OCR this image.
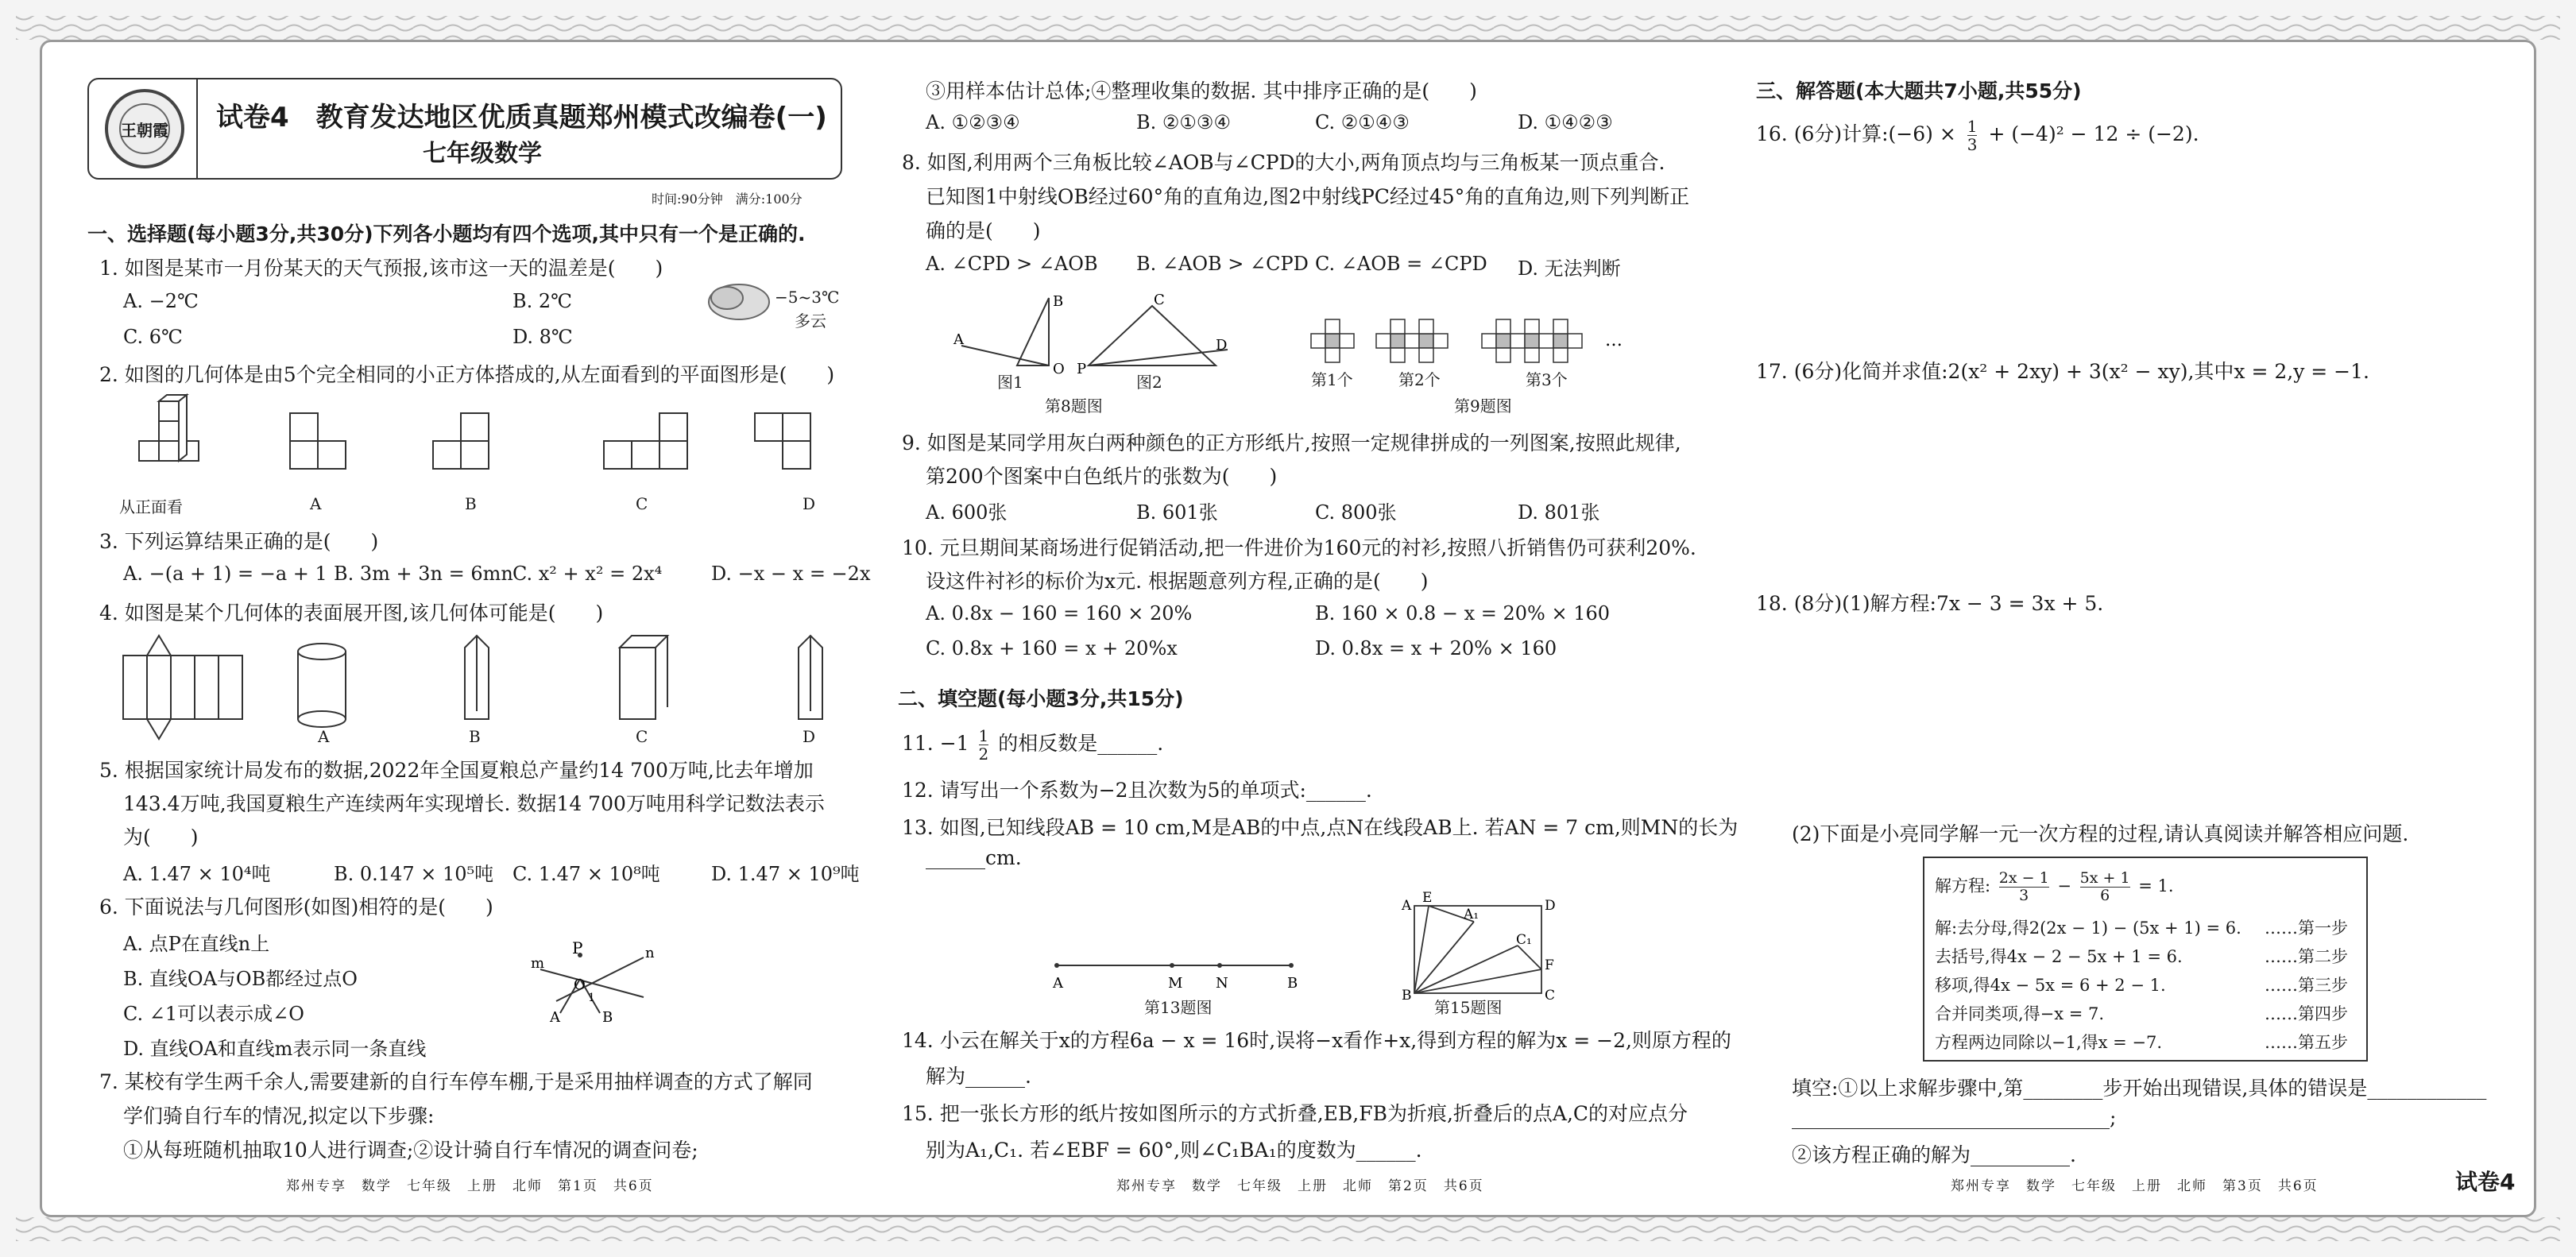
王朝霞 试卷4　教育发达地区优质真题郑州模式改编卷(一)
七年级数学
时间:90分钟　满分:100分
一、选择题(每小题3分,共30分)下列各小题均有四个选项,其中只有一个是正确的.
1. 如图是某市一月份某天的天气预报,该市这一天的温差是(　　)
A. −2℃	B. 2℃
C. 6℃	D. 8℃
−5~3℃
多云
2. 如图的几何体是由5个完全相同的小正方体搭成的,从左面看到的平面图形是(　　)
从正面看	A	B	C	D
3. 下列运算结果正确的是(　　)
A. −(a + 1) = −a + 1 B. 3m + 3n = 6mn C. x² + x² = 2x⁴	D. −x − x = −2x
4. 如图是某个几何体的表面展开图,该几何体可能是(　　)
A	B	C	D
5. 根据国家统计局发布的数据,2022年全国夏粮总产量约14 700万吨,比去年增加
143.4万吨,我国夏粮生产连续两年实现增长. 数据14 700万吨用科学记数法表示
为(　　)
A. 1.47 × 10⁴吨	B. 0.147 × 10⁵吨 C. 1.47 × 10⁸吨	D. 1.47 × 10⁹吨
6. 下面说法与几何图形(如图)相符的是(　　)
A. 点P在直线n上
B. 直线OA与OB都经过点O
C. ∠1可以表示成∠O
D. 直线OA和直线m表示同一条直线
P
O
m
n
A	B
1
7. 某校有学生两千余人,需要建新的自行车停车棚,于是采用抽样调查的方式了解同
学们骑自行车的情况,拟定以下步骤:
①从每班随机抽取10人进行调查;②设计骑自行车情况的调查问卷;
郑州专享　数学　七年级　上册　北师　第1页　共6页
③用样本估计总体;④整理收集的数据. 其中排序正确的是(　　)
A. ①②③④	B. ②①③④	C. ②①④③	D. ①④②③
8. 如图,利用两个三角板比较∠AOB与∠CPD的大小,两角顶点均与三角板某一顶点重合.
已知图1中射线OB经过60°角的直角边,图2中射线PC经过45°角的直角边,则下列判断正
确的是(　　)
A. ∠CPD > ∠AOB B. ∠AOB > ∠CPD C. ∠AOB = ∠CPD D. 无法判断
B
A
O
C
P
D
图1	图2
第8题图
…
第1个	第2个	第3个
第9题图
9. 如图是某同学用灰白两种颜色的正方形纸片,按照一定规律拼成的一列图案,按照此规律,
第200个图案中白色纸片的张数为(　　)
A. 600张	B. 601张	C. 800张	D. 801张
10. 元旦期间某商场进行促销活动,把一件进价为160元的衬衫,按照八折销售仍可获利20%.
设这件衬衫的标价为x元. 根据题意列方程,正确的是(　　)
A. 0.8x − 160 = 160 × 20%	B. 160 × 0.8 − x = 20% × 160
C. 0.8x + 160 = x + 20%x	D. 0.8x = x + 20% × 160
二、填空题(每小题3分,共15分)
11. $-1 \frac{1}{2}$ 的相反数是______.
12. 请写出一个系数为−2且次数为5的单项式:______.
13. 如图,已知线段AB = 10 cm,M是AB的中点,点N在线段AB上. 若AN = 7 cm,则MN的长为
______cm.
A	M N	B
第13题图
A E
A₁
D
C₁
F
B	C
第15题图
14. 小云在解关于x的方程6a − x = 16时,误将−x看作+x,得到方程的解为x = −2,则原方程的
解为______.
15. 把一张长方形的纸片按如图所示的方式折叠,EB,FB为折痕,折叠后的点A,C的对应点分
别为A₁,C₁. 若∠EBF = 60°,则∠C₁BA₁的度数为______.
郑州专享　数学　七年级　上册　北师　第2页　共6页
三、解答题(本大题共7小题,共55分)
16. (6分)计算:(−6) × $\frac{1}{3} + (-4)^2 - 12 \div (-2)$.
17. (6分)化简并求值:2(x² + 2xy) + 3(x² − xy),其中x = 2,y = −1.
18. (8分)(1)解方程:7x − 3 = 3x + 5.
(2)下面是小亮同学解一元一次方程的过程,请认真阅读并解答相应问题.
解方程: $\frac{2x - 1}{3} - \frac{5x + 1}{6} = 1$.
解:去分母,得2(2x − 1) − (5x + 1) = 6. ……第一步
去括号,得4x − 2 − 5x + 1 = 6.	……第二步
移项,得4x − 5x = 6 + 2 − 1.	……第三步
合并同类项,得−x = 7.	……第四步
方程两边同除以−1,得x = −7.	……第五步
填空:①以上求解步骤中,第________步开始出现错误,具体的错误是____________
________________________________;
②该方程正确的解为__________.
郑州专享　数学　七年级　上册　北师　第3页　共6页	试卷4
